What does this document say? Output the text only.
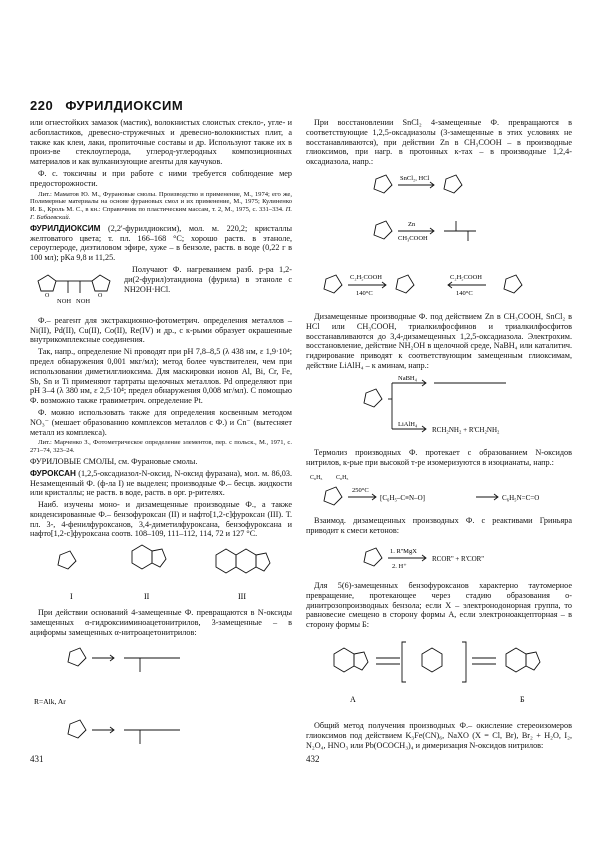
220 ФУРИЛДИОКСИМ

или огнестойких замазок (мастик), волокнистых слоистых стекло-, угле- и асбопластиков, древесно-стружечных и древесно-волокнистых плит, а также как клеи, лаки, пропиточные составы и др. Используют также их в произ-ве стеклоуглерода, углерод-углеродных композиционных материалов и как вулканизующие агенты для каучуков.

Ф. с. токсичны и при работе с ними требуется соблюдение мер предосторожности.

Лит.: Маматов Ю. М., Фурановые смолы. Производство и применение, М., 1974; его же, Полимерные материалы на основе фурановых смол и их применение, М., 1975; Кулиненко И. Б., Кроль М. С., в кн.: Справочник по пластическим массам, т. 2, М., 1975, с. 331–334. П. Г. Бабаевский.

ФУРИЛДИОКСИМ (2,2'-фурилдиоксим), мол. м. 220,2; кристаллы желтоватого цвета; т. пл. 166–168 °С; хорошо раств. в этаноле, сероуглероде, диэтиловом эфире, хуже – в бензоле, раств. в воде (0,22 г в 100 мл); pKa 9,8 и 11,25.

O	O
NOH NOH

Получают Ф. нагреванием разб. р-ра 1,2-ди(2-фурил)этандиона (фурила) в этаноле с NH2OH·HCl.

Ф.– реагент для экстракционно-фотометрич. определения металлов – Ni(II), Pd(II), Cu(II), Co(II), Re(IV) и др., с к-рыми образует окрашенные внутрикомплексные соединения.

Так, напр., определение Ni проводят при pH 7,8–8,5 (λ 438 нм, ε 1,9·10⁴; предел обнаружения 0,001 мкг/мл); метод более чувствителен, чем при использовании диметилглиоксима. Для маскировки ионов Al, Bi, Cr, Fe, Sb, Sn и Ti применяют тартраты щелочных металлов. Pd определяют при pH 3–4 (λ 380 нм, ε 2,5·10⁴; предел обнаружения 0,008 мг/мл). С помощью Ф. возможно также гравиметрич. определение Pt.

Ф. можно использовать также для определения косвенным методом NO₃⁻ (мешает образованию комплексов металлов с Ф.) и Cn⁻ (вытесняет металл из комплекса).

Лит.: Марченко З., Фотометрическое определение элементов, пер. с польск., М., 1971, с. 271–74, 323–24.

ФУРИЛОВЫЕ СМОЛЫ, см. Фурановые смолы.

ФУРОКСАН (1,2,5-оксадиазол-N-оксид, N-оксид фуразана), мол. м. 86,03. Незамещенный Ф. (ф-ла I) не выделен; производные Ф.– бесцв. жидкости или кристаллы; не раств. в воде, раств. в орг. р-рителях.

Наиб. изучены моно- и дизамещенные производные Ф., а также конденсированные Ф.– бензофуроксан (II) и нафто[1,2-c]фуроксан (III). Т. пл. 3-, 4-фенилфуроксанов, 3,4-диметилфуроксана, бензофуроксана и нафто[1,2-c]фуроксана соотв. 108–109, 111–112, 114, 72 и 127 °С.

I	II	III

При действии оснований 4-замещенные Ф. превращаются в N-оксиды замещенных α-гидроксииминоацетонитрилов, 3-замещенные – в ациформы замещенных α-нитроацетонитрилов:

R=Alk, Ar

При восстановлении SnCl₂ 4-замещенные Ф. превращаются в соответствующие 1,2,5-оксадиазолы (3-замещенные в этих условиях не восстанавливаются), при действии Zn в CH₃COOH – в производные глиоксимов, при нагр. в протонных к-тах – в производные 1,2,4-оксадиазола, напр.:

SnCl₂, HCl
Zn
CH₃COOH
C₂H₅COOH
140°C
C₂H₅COOH
140°C

Дизамещенные производные Ф. под действием Zn в CH₃COOH, SnCl₂ в HCl или CH₃COOH, триалкилфосфинов и триалкилфосфитов восстанавливаются до 3,4-дизамещенных 1,2,5-оксадиазола. Электрохим. восстановление, действие NH₂OH в щелочной среде, NaBH₄ или каталитич. гидрирование приводят к соответствующим замещенным глиоксимам, действие LiAlH₄ – к аминам, напр.:

NaBH₄
LiAlH₄
RCH₂NH₂ + R'CH₂NH₂

Термолиз производных Ф. протекает с образованием N-оксидов нитрилов, к-рые при высокой т-ре изомеризуются в изоцианаты, напр.:

C₆H₅ C₆H₅
250°C
[C₆H₅–C≡N–O]	C₆H₅N=C=O

Взаимод. дизамещенных производных Ф. с реактивами Гриньяра приводит к смеси кетонов:

1. R''MgX
2. H⁺
RCOR'' + R'COR''

Для 5(6)-замещенных бензофуроксанов характерно таутомерное превращение, протекающее через стадию образования o-динитрозопроизводных бензола; если X – электронодонорная группа, то равновесие смещено в сторону формы А, если электроноакцепторная – в сторону формы Б:

А	Б

Общий метод получения производных Ф.– окисление стереоизомеров глиоксимов под действием K₃Fe(CN)₆, NaXO (X = Cl, Br), Br₂ + H₂O, I₂, N₂O₄, HNO₃ или Pb(OCOCH₃)₄ и димеризация N-оксидов нитрилов:

431	432
